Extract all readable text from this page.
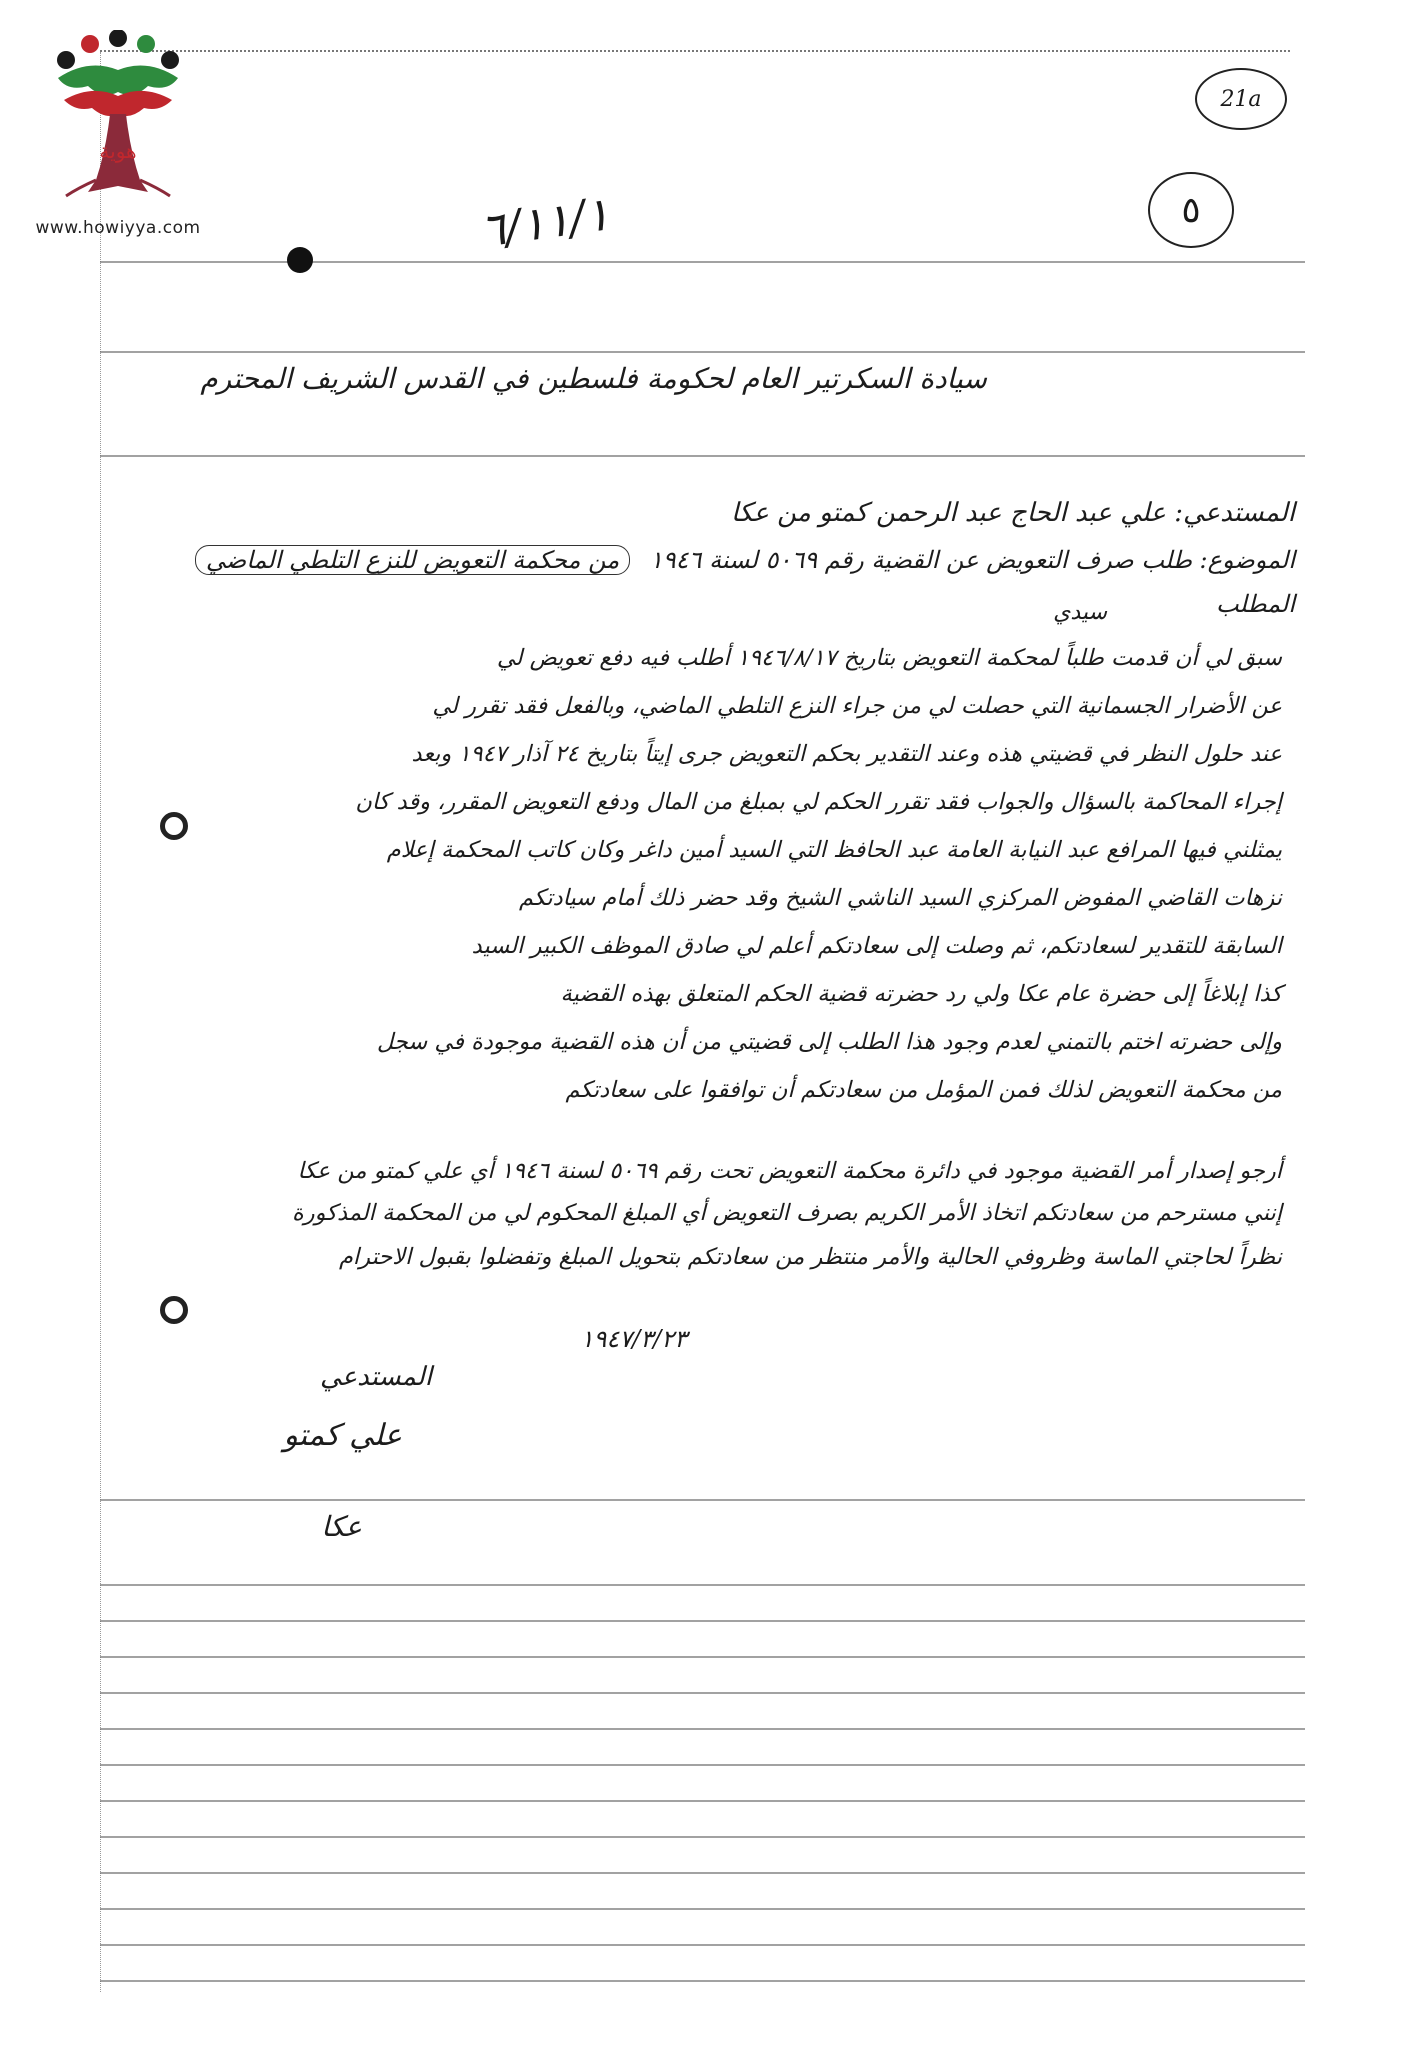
هوية
www.howiyya.com
21a
٥
٦/١١/١
سيادة السكرتير العام لحكومة فلسطين في القدس الشريف المحترم
المستدعي: علي عبد الحاج عبد الرحمن كمتو من عكا
الموضوع: طلب صرف التعويض عن القضية رقم ٥٠٦٩ لسنة ١٩٤٦ من محكمة التعويض للنزع التلطي الماضي
المطلب
سيدي
سبق لي أن قدمت طلباً لمحكمة التعويض بتاريخ ١٩٤٦/٨/١٧ أطلب فيه دفع تعويض لي
عن الأضرار الجسمانية التي حصلت لي من جراء النزع التلطي الماضي، وبالفعل فقد تقرر لي
عند حلول النظر في قضيتي هذه وعند التقدير بحكم التعويض جرى إيتاً بتاريخ ٢٤ آذار ١٩٤٧ وبعد
إجراء المحاكمة بالسؤال والجواب فقد تقرر الحكم لي بمبلغ من المال ودفع التعويض المقرر، وقد كان
يمثلني فيها المرافع عبد النيابة العامة عبد الحافظ التي السيد أمين داغر وكان كاتب المحكمة إعلام
نزهات القاضي المفوض المركزي السيد الناشي الشيخ وقد حضر ذلك أمام سيادتكم
السابقة للتقدير لسعادتكم، ثم وصلت إلى سعادتكم أعلم لي صادق الموظف الكبير السيد
كذا إبلاغاً إلى حضرة عام عكا ولي رد حضرته قضية الحكم المتعلق بهذه القضية
وإلى حضرته اختم بالتمني لعدم وجود هذا الطلب إلى قضيتي من أن هذه القضية موجودة في سجل
من محكمة التعويض لذلك فمن المؤمل من سعادتكم أن توافقوا على سعادتكم
أرجو إصدار أمر القضية موجود في دائرة محكمة التعويض تحت رقم ٥٠٦٩ لسنة ١٩٤٦ أي علي كمتو من عكا
إنني مسترحم من سعادتكم اتخاذ الأمر الكريم بصرف التعويض أي المبلغ المحكوم لي من المحكمة المذكورة
نظراً لحاجتي الماسة وظروفي الحالية والأمر منتظر من سعادتكم بتحويل المبلغ وتفضلوا بقبول الاحترام
١٩٤٧/٣/٢٣
المستدعي
علي كمتو
عكا
